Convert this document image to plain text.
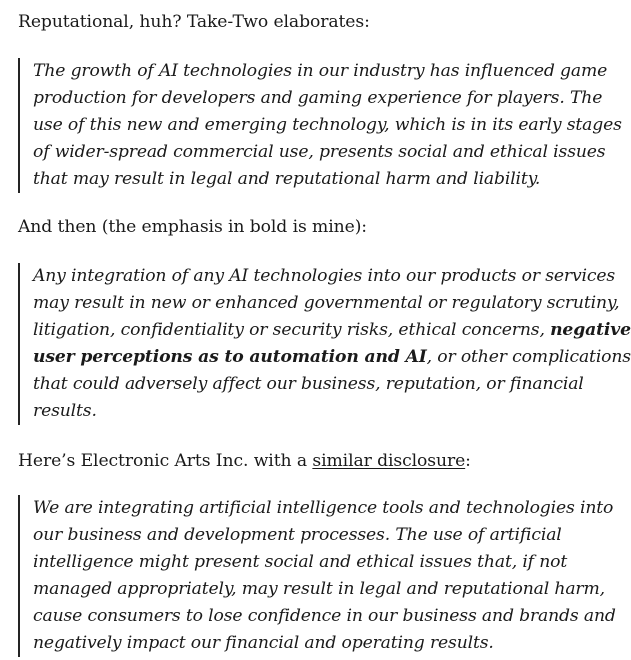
Reputational, huh? Take-Two elaborates:

The growth of AI technologies in our industry has influenced game
production for developers and gaming experience for players. The
use of this new and emerging technology, which is in its early stages
of wider-spread commercial use, presents social and ethical issues
that may result in legal and reputational harm and liability.

And then (the emphasis in bold is mine):

Any integration of any AI technologies into our products or services
may result in new or enhanced governmental or regulatory scrutiny,
litigation, confidentiality or security risks, ethical concerns, negative
user perceptions as to automation and AI, or other complications
that could adversely affect our business, reputation, or financial
results.

Here’s Electronic Arts Inc. with a similar disclosure:

We are integrating artificial intelligence tools and technologies into
our business and development processes. The use of artificial
intelligence might present social and ethical issues that, if not
managed appropriately, may result in legal and reputational harm,
cause consumers to lose confidence in our business and brands and
negatively impact our financial and operating results.
